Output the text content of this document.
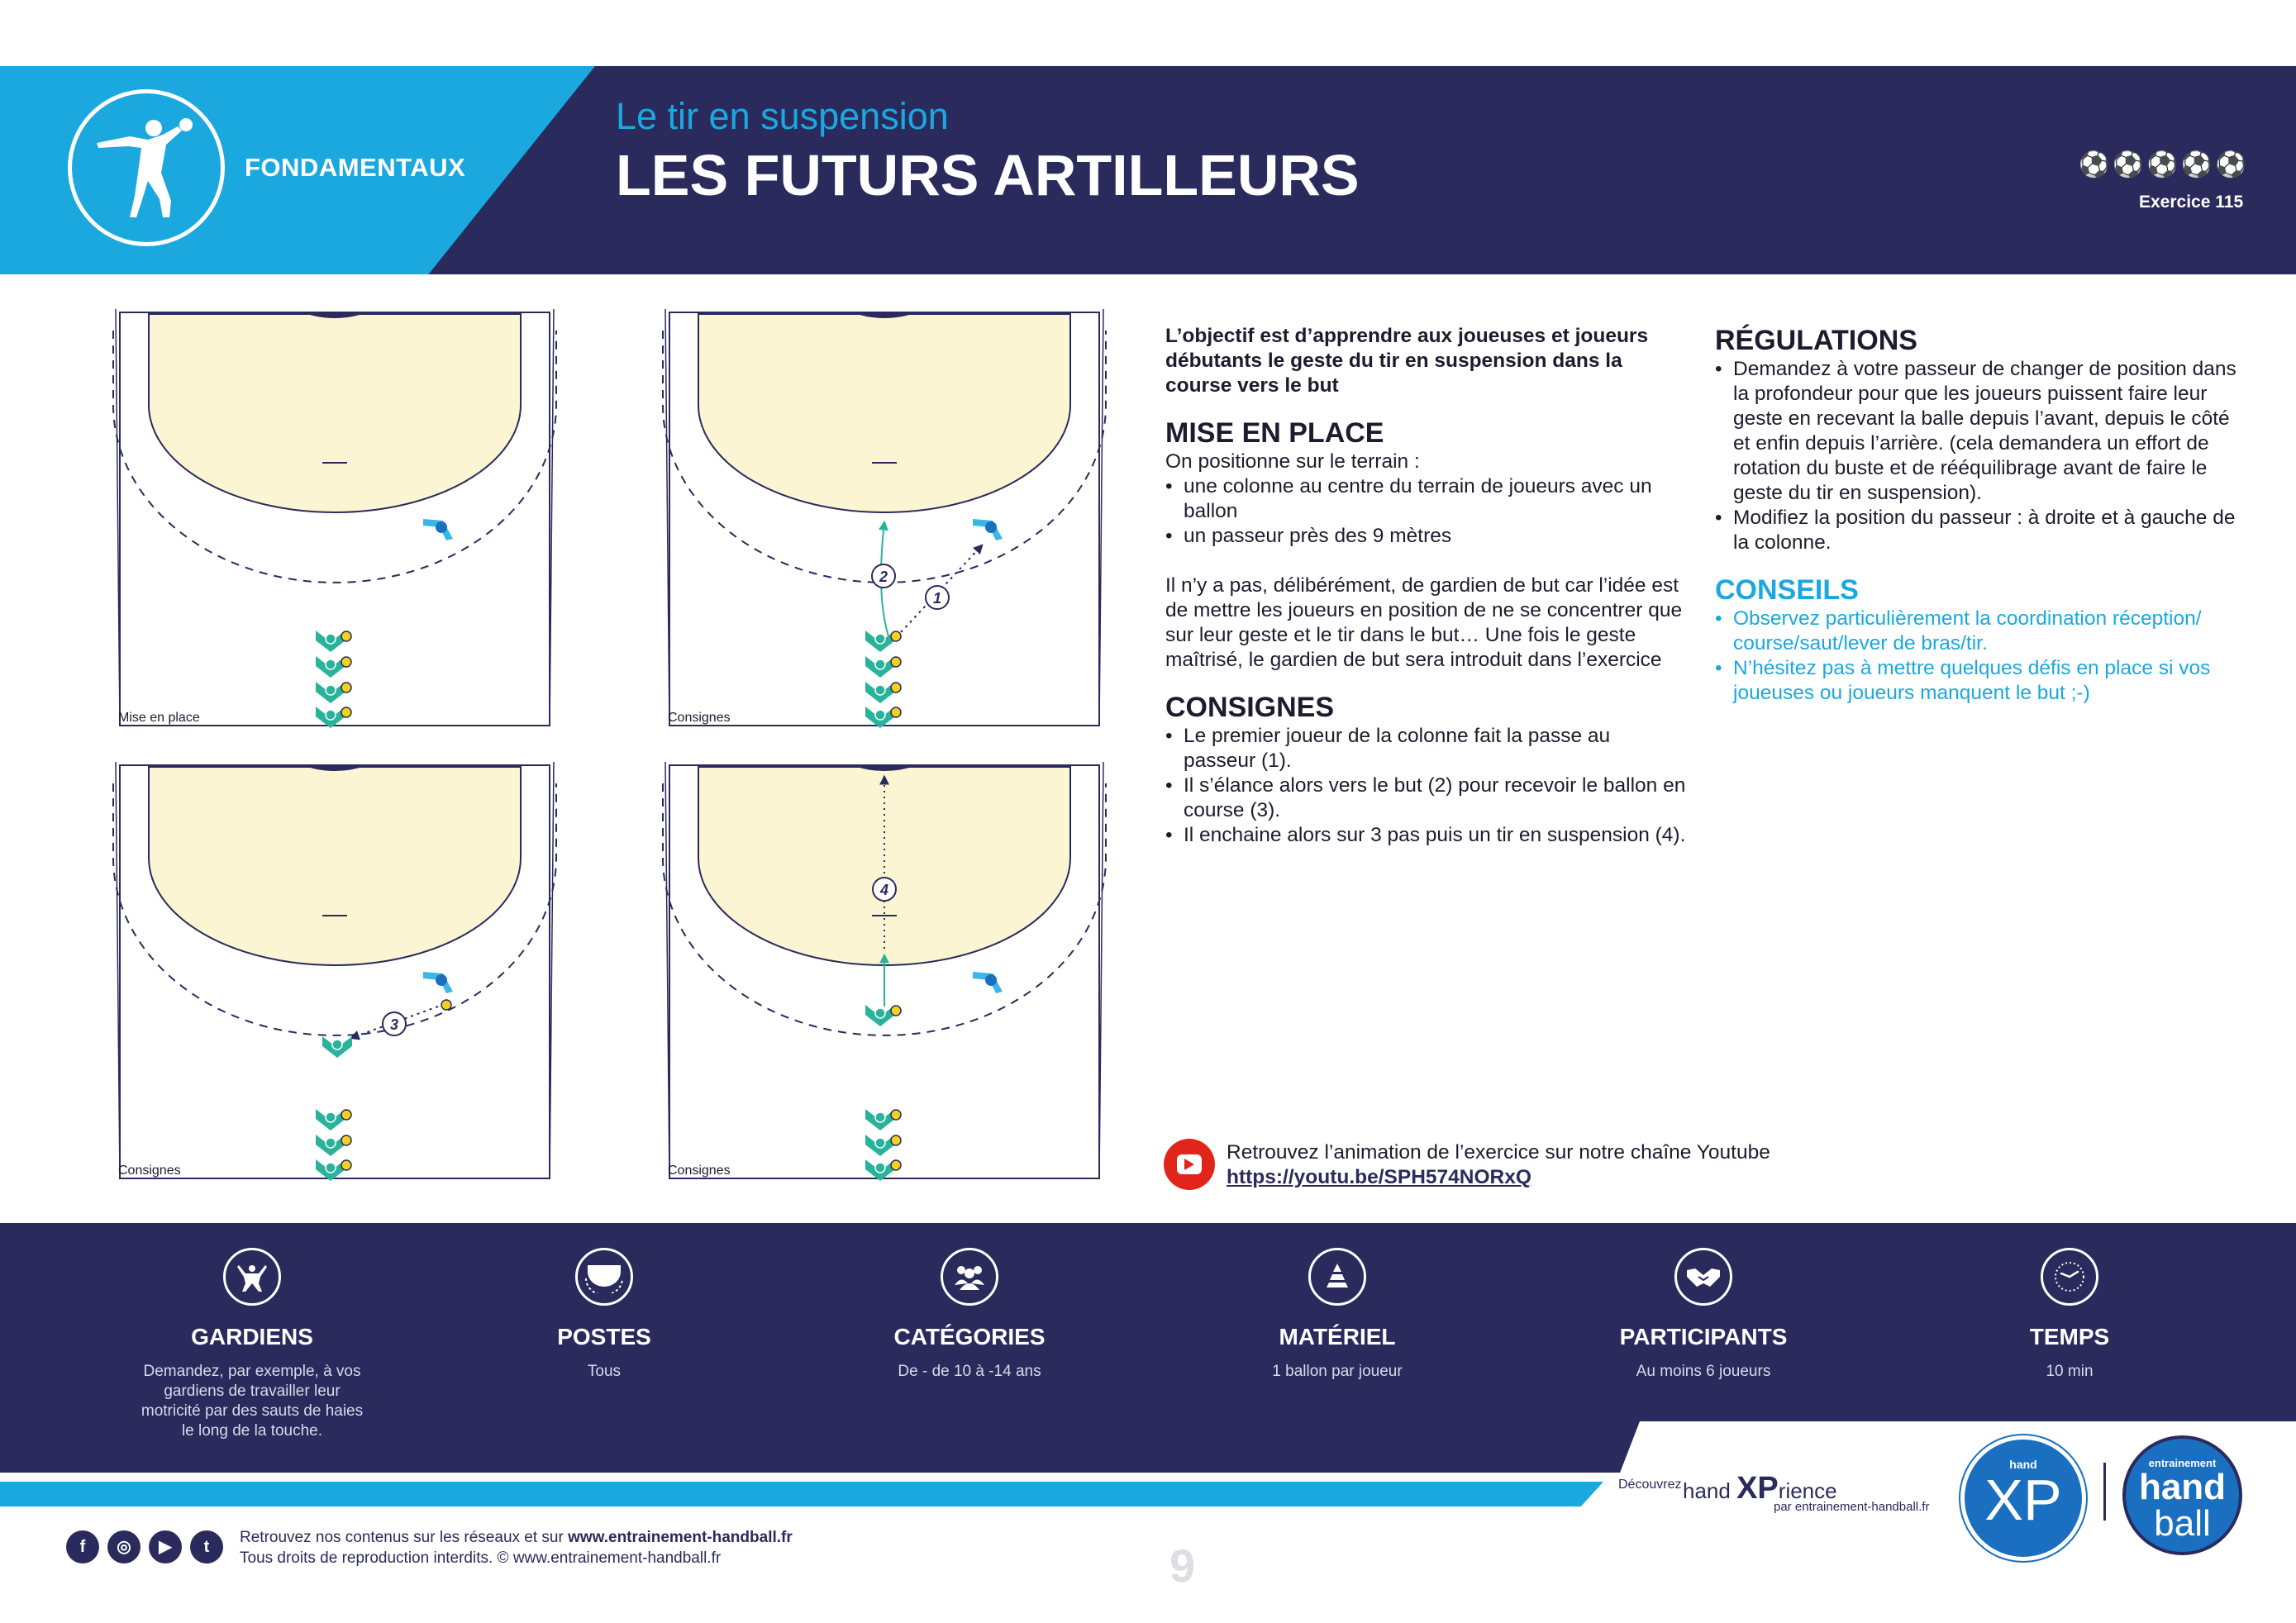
FONDAMENTAUX
Le tir en suspension
LES FUTURS ARTILLEURS	⚽⚽⚽⚽⚽
Exercice 115
Mise en place
2
1
Consignes
3
Consignes
4
Consignes

L’objectif est d’apprendre aux joueuses et joueurs débutants le geste du tir en suspension dans la course vers le but

MISE EN PLACE

On positionne sur le terrain :

• une colonne au centre du terrain de joueurs avec un ballon
• un passeur près des 9 mètres

Il n’y a pas, délibérément, de gardien de but car l’idée est de mettre les joueurs en position de ne se concentrer que sur leur geste et le tir dans le but… Une fois le geste maîtrisé, le gardien de but sera introduit dans l’exercice

CONSIGNES
• Le premier joueur de la colonne fait la passe au passeur (1).
• Il s’élance alors vers le but (2) pour recevoir le ballon en course (3).
• Il enchaine alors sur 3 pas puis un tir en suspension (4).
RÉGULATIONS
• Demandez à votre passeur de changer de position dans la profondeur pour que les joueurs puissent faire leur geste en recevant la balle depuis l’avant, depuis le côté et enfin depuis l’arrière. (cela demandera un effort de rotation du buste et de rééquilibrage avant de faire le geste du tir en suspension).
• Modifiez la position du passeur : à droite et à gauche de la colonne.
CONSEILS
• Observez particulièrement la coordination réception/ course/saut/lever de bras/tir.
• N’hésitez pas à mettre quelques défis en place si vos joueuses ou joueurs manquent le but ;-)
Retrouvez l’animation de l’exercice sur notre chaîne Youtube
https://youtu.be/SPH574NORxQ
GARDIENS
Demandez, par exemple, à vos gardiens de travailler leur motricité par des sauts de haies le long de la touche.
POSTES
Tous
CATÉGORIES
De - de 10 à -14 ans
MATÉRIEL
1 ballon par joueur
PARTICIPANTS
Au moins 6 joueurs
TEMPS
10 min
Découvrez hand XPrience
par entrainement-handball.fr
hand
XP
entrainement
hand
ball
f ◎ ▶ t
Retrouvez nos contenus sur les réseaux et sur www.entrainement-handball.fr
Tous droits de reproduction interdits. © www.entrainement-handball.fr	9
